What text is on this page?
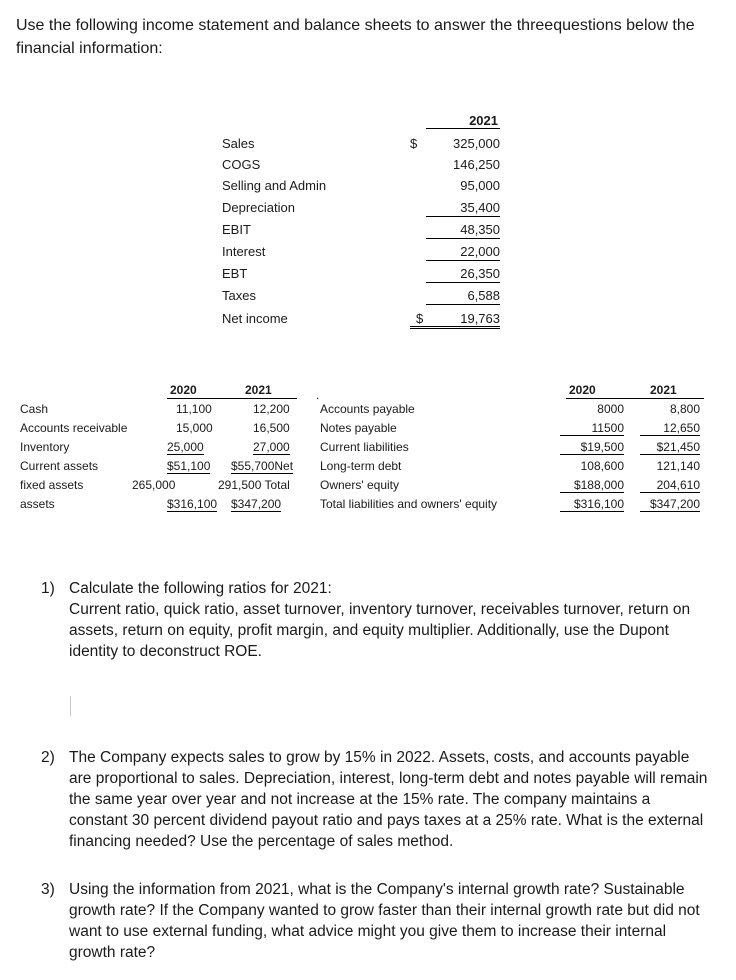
Use the following income statement and balance sheets to answer the threequestions below the financial information:
2021
Sales	325,000
COGS	146,250
Selling and Admin	95,000
Depreciation	35,400
EBIT	48,350
Interest	22,000
EBT	26,350
Taxes	6,588
Net income	19,763
$
$
2020	2021	.	2020	2021
Cash	11,100	12,200
Accounts receivable	15,000	16,500
Inventory	25,000	27,000
Current assets	$51,100 $55,700Net
fixed assets	265,000	291,500 Total
assets	$316,100 $347,200
Accounts payable	8000	8,800
Notes payable	11500	12,650
Current liabilities	$19,500	$21,450
Long-term debt	108,600	121,140
Owners' equity	$188,000	204,610
Total liabilities and owners' equity	$316,100	$347,200
1) Calculate the following ratios for 2021:
Current ratio, quick ratio, asset turnover, inventory turnover, receivables turnover, return on assets, return on equity, profit margin, and equity multiplier. Additionally, use the Dupont identity to deconstruct ROE.
2) The Company expects sales to grow by 15% in 2022. Assets, costs, and accounts payable are proportional to sales. Depreciation, interest, long-term debt and notes payable will remain the same year over year and not increase at the 15% rate. The company maintains a constant 30 percent dividend payout ratio and pays taxes at a 25% rate. What is the external financing needed? Use the percentage of sales method.
3) Using the information from 2021, what is the Company's internal growth rate? Sustainable growth rate? If the Company wanted to grow faster than their internal growth rate but did not want to use external funding, what advice might you give them to increase their internal growth rate?
